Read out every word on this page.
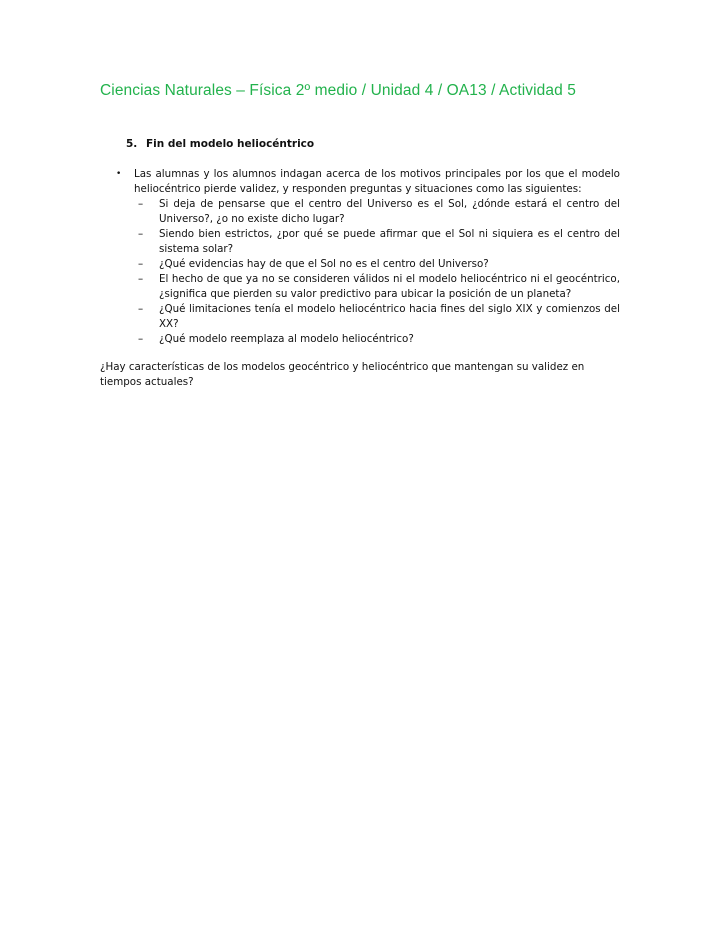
Ciencias Naturales – Física 2º medio / Unidad 4 / OA13 / Actividad 5
5. Fin del modelo heliocéntrico
• Las alumnas y los alumnos indagan acerca de los motivos principales por los que el modelo heliocéntrico pierde validez, y responden preguntas y situaciones como las siguientes:
– Si deja de pensarse que el centro del Universo es el Sol, ¿dónde estará el centro del Universo?, ¿o no existe dicho lugar?
– Siendo bien estrictos, ¿por qué se puede afirmar que el Sol ni siquiera es el centro del sistema solar?
– ¿Qué evidencias hay de que el Sol no es el centro del Universo?
– El hecho de que ya no se consideren válidos ni el modelo heliocéntrico ni el geocéntrico, ¿significa que pierden su valor predictivo para ubicar la posición de un planeta?
– ¿Qué limitaciones tenía el modelo heliocéntrico hacia fines del siglo XIX y comienzos del XX?
– ¿Qué modelo reemplaza al modelo heliocéntrico?
¿Hay características de los modelos geocéntrico y heliocéntrico que mantengan su validez en tiempos actuales?
